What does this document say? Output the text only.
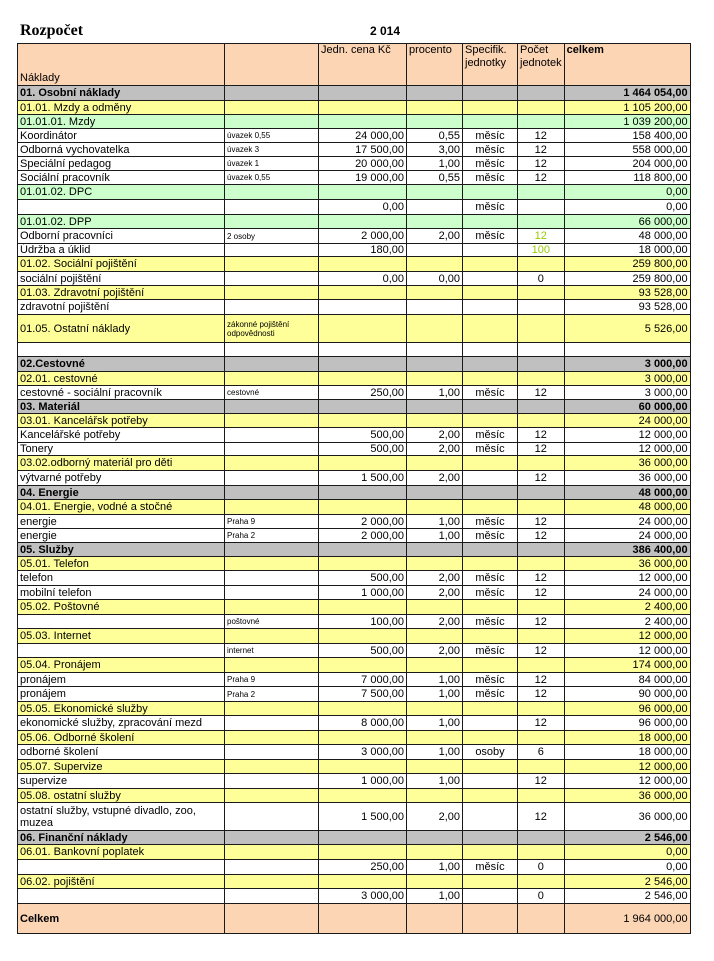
Rozpočet	2 014
Náklady		Jedn. cena Kč	procento	Specifik. jednotky	Počet jednotek	celkem
01. Osobní náklady						1 464 054,00
01.01. Mzdy a odměny						1 105 200,00
01.01.01. Mzdy						1 039 200,00
Koordinátor	úvazek 0,55	24 000,00	0,55	měsíc	12	158 400,00
Odborná vychovatelka	úvazek 3	17 500,00	3,00	měsíc	12	558 000,00
Speciální pedagog	úvazek 1	20 000,00	1,00	měsíc	12	204 000,00
Sociální pracovník	úvazek 0,55	19 000,00	0,55	měsíc	12	118 800,00
01.01.02. DPC						0,00
		0,00		měsíc		0,00
01.01.02. DPP						66 000,00
Odborní pracovníci	2 osoby	2 000,00	2,00	měsíc	12	48 000,00
Údržba a úklid		180,00			100	18 000,00
01.02. Sociální pojištění						259 800,00
sociální pojištění		0,00	0,00		0	259 800,00
01.03. Zdravotní pojištění						93 528,00
zdravotní pojištění						93 528,00
01.05. Ostatní náklady	zákonné pojištění odpovědnosti					5 526,00

02.Cestovné						3 000,00
02.01. cestovné						3 000,00
cestovné - sociální pracovník	cestovné	250,00	1,00	měsíc	12	3 000,00
03. Materiál						60 000,00
03.01. Kancelářsk potřeby						24 000,00
Kancelářské potřeby		500,00	2,00	měsíc	12	12 000,00
Tonery		500,00	2,00	měsíc	12	12 000,00
03.02.odborný materiál pro děti						36 000,00
výtvarné potřeby		1 500,00	2,00		12	36 000,00
04. Energie						48 000,00
04.01. Energie, vodné a stočné						48 000,00
energie	Praha 9	2 000,00	1,00	měsíc	12	24 000,00
energie	Praha 2	2 000,00	1,00	měsíc	12	24 000,00
05. Služby						386 400,00
05.01. Telefon						36 000,00
telefon		500,00	2,00	měsíc	12	12 000,00
mobilní telefon		1 000,00	2,00	měsíc	12	24 000,00
05.02. Poštovné						2 400,00
	poštovné	100,00	2,00	měsíc	12	2 400,00
05.03. Internet						12 000,00
	internet	500,00	2,00	měsíc	12	12 000,00
05.04. Pronájem						174 000,00
pronájem	Praha 9	7 000,00	1,00	měsíc	12	84 000,00
pronájem	Praha 2	7 500,00	1,00	měsíc	12	90 000,00
05.05. Ekonomické služby						96 000,00
ekonomické služby, zpracování mezd		8 000,00	1,00		12	96 000,00
05.06. Odborné školení						18 000,00
odborné školení		3 000,00	1,00	osoby	6	18 000,00
05.07. Supervize						12 000,00
supervize		1 000,00	1,00		12	12 000,00
05.08. ostatní služby						36 000,00
ostatní služby, vstupné divadlo, zoo, muzea		1 500,00	2,00		12	36 000,00
06. Finanční náklady						2 546,00
06.01. Bankovní poplatek						0,00
		250,00	1,00	měsíc	0	0,00
06.02. pojištění						2 546,00
		3 000,00	1,00		0	2 546,00
Celkem						1 964 000,00
